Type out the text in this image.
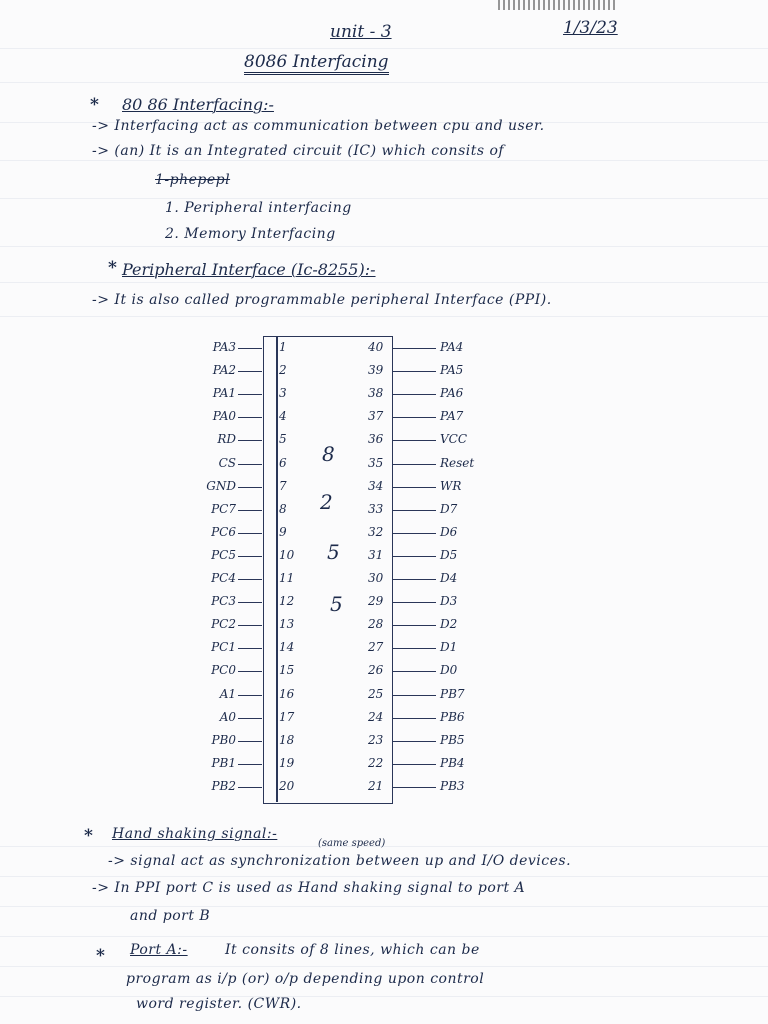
unit - 3	1/3/23
8086 Interfacing
* 80 86 Interfacing:-
-> Interfacing act as communication between cpu and user.
-> (an) It is an Integrated circuit (IC) which consits of
1-phepepl
1. Peripheral interfacing
2. Memory Interfacing
* Peripheral Interface (Ic-8255):-
-> It is also called programmable peripheral Interface (PPI).
PA3	1
PA2	2
PA1	3
PA0	4
RD	5
CS	6
GND	7
PC7	8
PC6	9
PC5	10
PC4	11
PC3	12
PC2	13
PC1	14
PC0	15
A1	16
A0	17
PB0	18
PB1	19
PB2	20
40	PA4
39	PA5
38	PA6
37	PA7
36	VCC
35	Reset
34	WR
33	D7
32	D6
31	D5
30	D4
29	D3
28	D2
27	D1
26	D0
25	PB7
24	PB6
23	PB5
22	PB4
21	PB3
8
2
5
5
* Hand shaking signal:-
(same speed)
-> signal act as synchronization between up and I/O devices.
-> In PPI port C is used as Hand shaking signal to port A
and port B
* Port A:-	It consits of 8 lines, which can be
program as i/p (or) o/p depending upon control
word register. (CWR).
